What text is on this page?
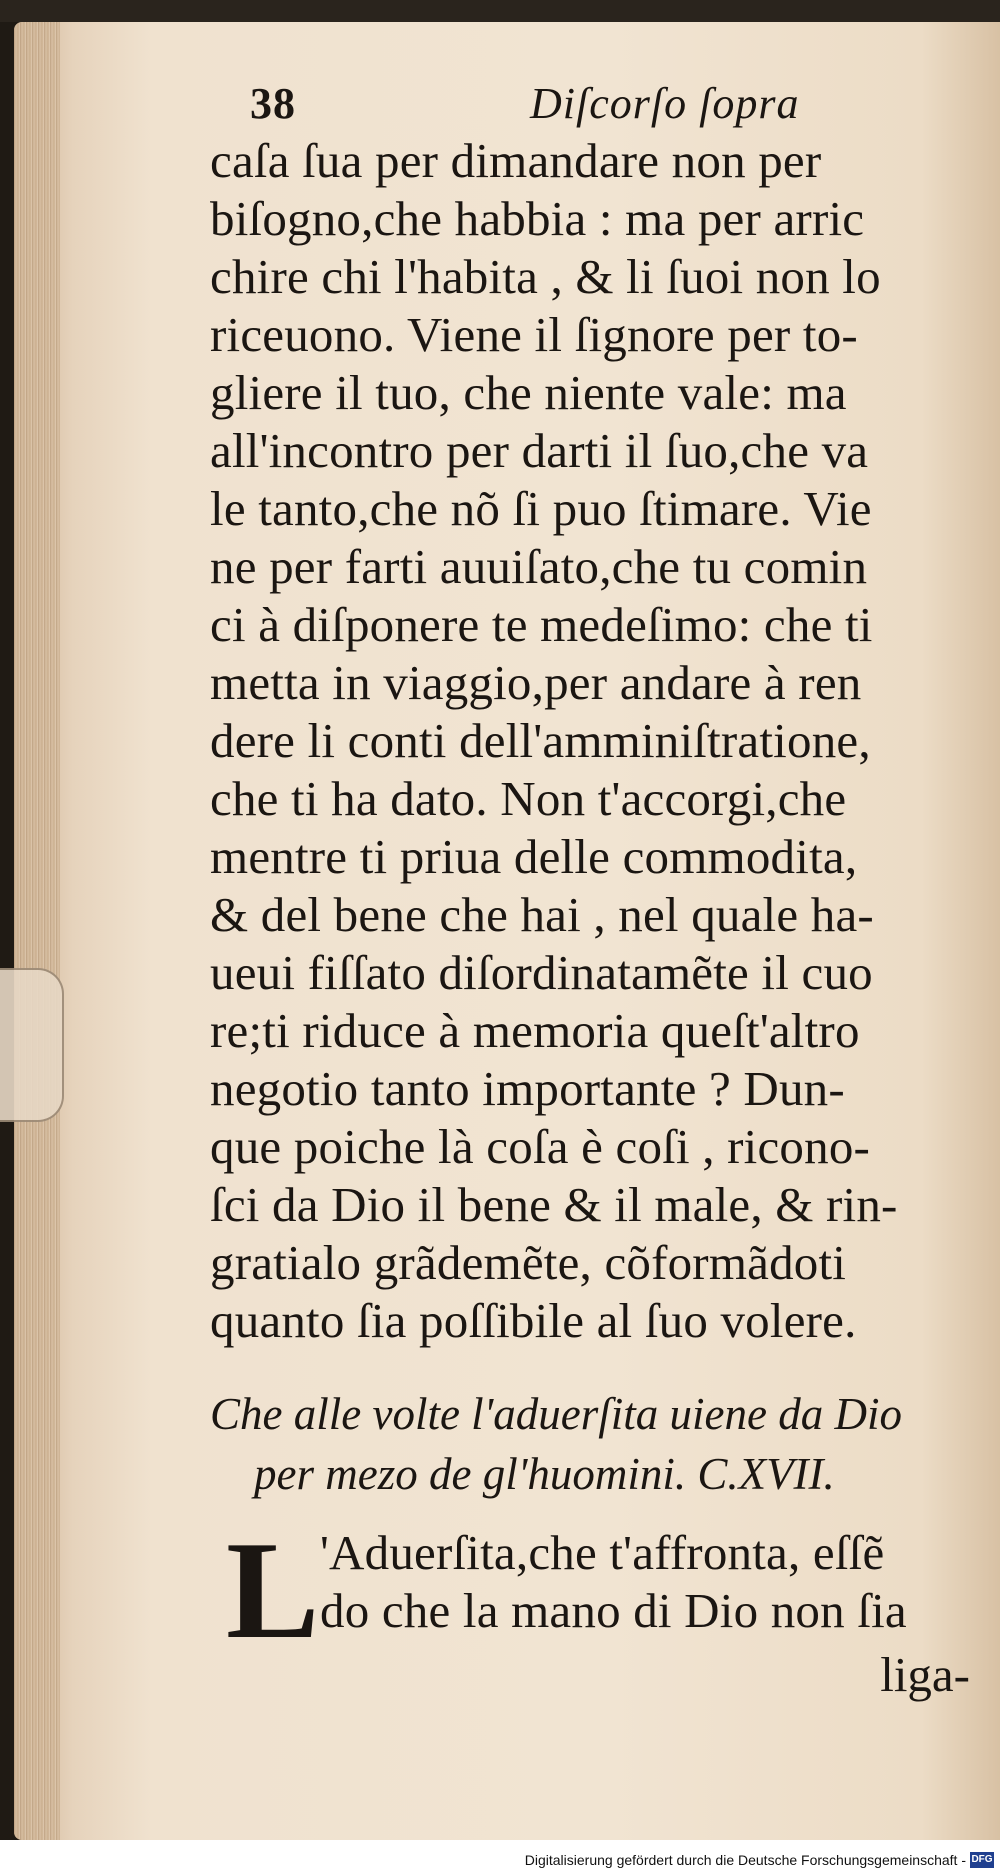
38	Diſcorſo ſopra
caſa ſua per dimandare non per
biſogno,che habbia : ma per arric
chire chi l'habita , & li ſuoi non lo
riceuono. Viene il ſignore per to-
gliere il tuo, che niente vale: ma
all'incontro per darti il ſuo,che va
le tanto,che nõ ſi puo ſtimare. Vie
ne per farti auuiſato,che tu comin
ci à diſponere te medeſimo: che ti
metta in viaggio,per andare à ren
dere li conti dell'amminiſtratione,
che ti ha dato. Non t'accorgi,che
mentre ti priua delle commodita,
& del bene che hai , nel quale ha-
ueui fiſſato diſordinatamẽte il cuo
re;ti riduce à memoria queſt'altro
negotio tanto importante ? Dun-
que poiche là coſa è coſi , ricono-
ſci da Dio il bene & il male, & rin-
gratialo grãdemẽte, cõformãdoti
quanto ſia poſſibile al ſuo volere.
Che alle volte l'aduerſita uiene da Dio
per mezo de gl'huomini. C.XVII.
L 'Aduerſita,che t'affronta, eſſẽ
do che la mano di Dio non ſia
liga-
Digitalisierung gefördert durch die Deutsche Forschungsgemeinschaft - DFG
